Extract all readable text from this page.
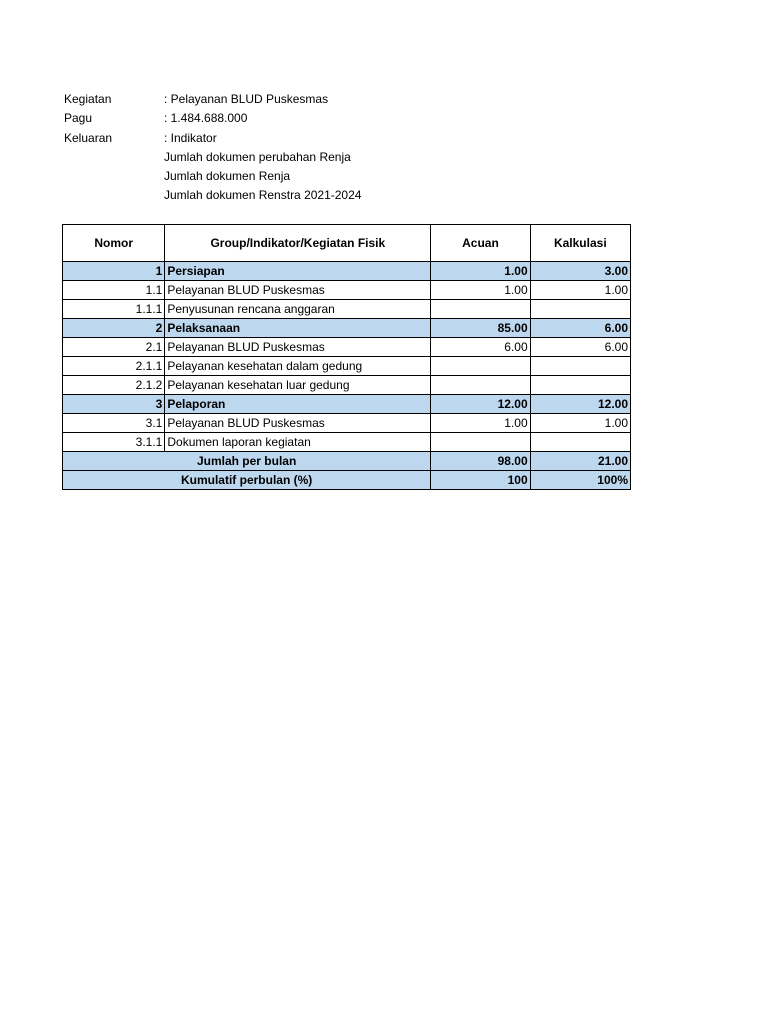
Kegiatan	: Pelayanan BLUD Puskesmas
Pagu	: 1.484.688.000
Keluaran	: Indikator
Jumlah dokumen perubahan Renja
Jumlah dokumen Renja
Jumlah dokumen Renstra 2021-2024
Nomor	Group/Indikator/Kegiatan Fisik	Acuan	Kalkulasi
1	Persiapan	1.00	3.00
1.1	Pelayanan BLUD Puskesmas	1.00	1.00
1.1.1	Penyusunan rencana anggaran		
2	Pelaksanaan	85.00	6.00
2.1	Pelayanan BLUD Puskesmas	6.00	6.00
2.1.1	Pelayanan kesehatan dalam gedung		
2.1.2	Pelayanan kesehatan luar gedung		
3	Pelaporan	12.00	12.00
3.1	Pelayanan BLUD Puskesmas	1.00	1.00
3.1.1	Dokumen laporan kegiatan		
Jumlah per bulan		98.00	21.00
Kumulatif perbulan (%)		100	100%
